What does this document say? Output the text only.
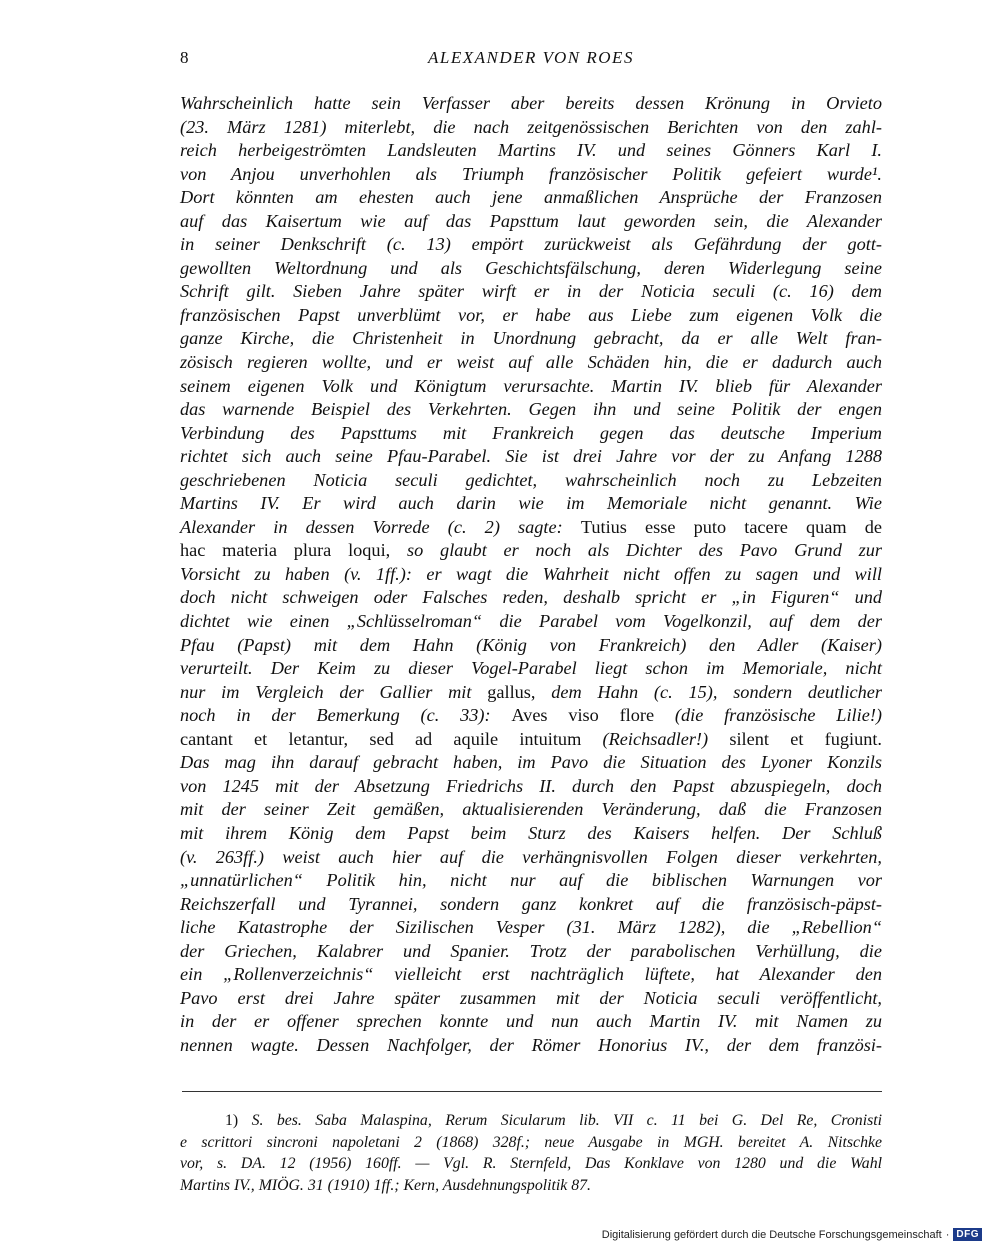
8	ALEXANDER VON ROES
Wahrscheinlich hatte sein Verfasser aber bereits dessen Krönung in Orvieto
(23. März 1281) miterlebt, die nach zeitgenössischen Berichten von den zahl-
reich herbeigeströmten Landsleuten Martins IV. und seines Gönners Karl I.
von Anjou unverhohlen als Triumph französischer Politik gefeiert wurde¹.
Dort könnten am ehesten auch jene anmaßlichen Ansprüche der Franzosen
auf das Kaisertum wie auf das Papsttum laut geworden sein, die Alexander
in seiner Denkschrift (c. 13) empört zurückweist als Gefährdung der gott-
gewollten Weltordnung und als Geschichtsfälschung, deren Widerlegung seine
Schrift gilt. Sieben Jahre später wirft er in der Noticia seculi (c. 16) dem
französischen Papst unverblümt vor, er habe aus Liebe zum eigenen Volk die
ganze Kirche, die Christenheit in Unordnung gebracht, da er alle Welt fran-
zösisch regieren wollte, und er weist auf alle Schäden hin, die er dadurch auch
seinem eigenen Volk und Königtum verursachte. Martin IV. blieb für Alexander
das warnende Beispiel des Verkehrten. Gegen ihn und seine Politik der engen
Verbindung des Papsttums mit Frankreich gegen das deutsche Imperium
richtet sich auch seine Pfau-Parabel. Sie ist drei Jahre vor der zu Anfang 1288
geschriebenen Noticia seculi gedichtet, wahrscheinlich noch zu Lebzeiten
Martins IV. Er wird auch darin wie im Memoriale nicht genannt. Wie
Alexander in dessen Vorrede (c. 2) sagte: Tutius esse puto tacere quam de
hac materia plura loqui, so glaubt er noch als Dichter des Pavo Grund zur
Vorsicht zu haben (v. 1ff.): er wagt die Wahrheit nicht offen zu sagen und will
doch nicht schweigen oder Falsches reden, deshalb spricht er „in Figuren“ und
dichtet wie einen „Schlüsselroman“ die Parabel vom Vogelkonzil, auf dem der
Pfau (Papst) mit dem Hahn (König von Frankreich) den Adler (Kaiser)
verurteilt. Der Keim zu dieser Vogel-Parabel liegt schon im Memoriale, nicht
nur im Vergleich der Gallier mit gallus, dem Hahn (c. 15), sondern deutlicher
noch in der Bemerkung (c. 33): Aves viso flore (die französische Lilie!)
cantant et letantur, sed ad aquile intuitum (Reichsadler!) silent et fugiunt.
Das mag ihn darauf gebracht haben, im Pavo die Situation des Lyoner Konzils
von 1245 mit der Absetzung Friedrichs II. durch den Papst abzuspiegeln, doch
mit der seiner Zeit gemäßen, aktualisierenden Veränderung, daß die Franzosen
mit ihrem König dem Papst beim Sturz des Kaisers helfen. Der Schluß
(v. 263ff.) weist auch hier auf die verhängnisvollen Folgen dieser verkehrten,
„unnatürlichen“ Politik hin, nicht nur auf die biblischen Warnungen vor
Reichszerfall und Tyrannei, sondern ganz konkret auf die französisch-päpst-
liche Katastrophe der Sizilischen Vesper (31. März 1282), die „Rebellion“
der Griechen, Kalabrer und Spanier. Trotz der parabolischen Verhüllung, die
ein „Rollenverzeichnis“ vielleicht erst nachträglich lüftete, hat Alexander den
Pavo erst drei Jahre später zusammen mit der Noticia seculi veröffentlicht,
in der er offener sprechen konnte und nun auch Martin IV. mit Namen zu
nennen wagte. Dessen Nachfolger, der Römer Honorius IV., der dem französi-
1) S. bes. Saba Malaspina, Rerum Sicularum lib. VII c. 11 bei G. Del Re, Cronisti
e scrittori sincroni napoletani 2 (1868) 328f.; neue Ausgabe in MGH. bereitet A. Nitschke
vor, s. DA. 12 (1956) 160ff. — Vgl. R. Sternfeld, Das Konklave von 1280 und die Wahl
Martins IV., MIÖG. 31 (1910) 1ff.; Kern, Ausdehnungspolitik 87.
Digitalisierung gefördert durch die Deutsche Forschungsgemeinschaft · DFG
